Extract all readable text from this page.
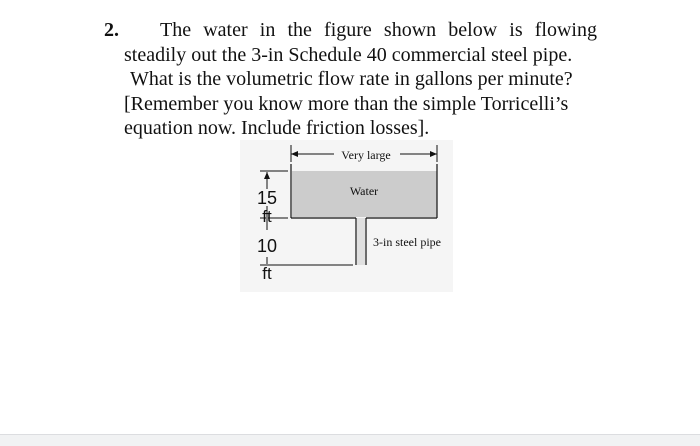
2. The water in the figure shown below is flowing
steadily out the 3-in Schedule 40 commercial steel pipe.
What is the volumetric flow rate in gallons per minute?
[Remember you know more than the simple Torricelli’s
equation now. Include friction losses].
Very large
Water
3-in steel pipe
15
ft
10
ft
